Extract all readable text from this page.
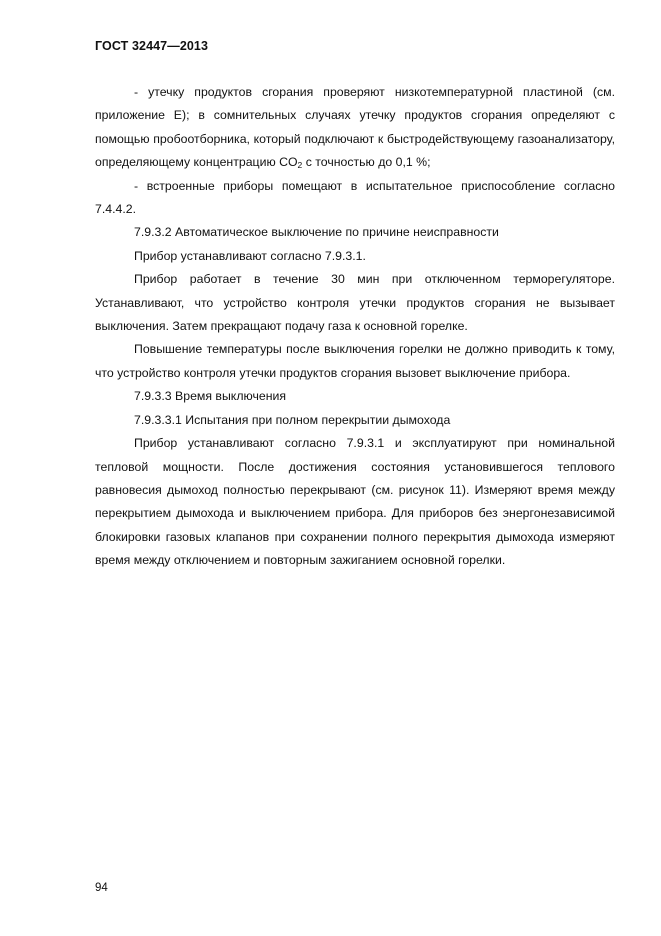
ГОСТ 32447—2013

- утечку продуктов сгорания проверяют низкотемпературной пластиной (см. приложение Е); в сомнительных случаях утечку продуктов сгорания определяют с помощью пробоотборника, который подключают к быстродействующему газоанализатору, определяющему концентрацию $CO_2$ с точностью до 0,1 %;

- встроенные приборы помещают в испытательное приспособление согласно 7.4.4.2.

7.9.3.2 Автоматическое выключение по причине неисправности

Прибор устанавливают согласно 7.9.3.1.

Прибор работает в течение 30 мин при отключенном терморегуляторе. Устанавливают, что устройство контроля утечки продуктов сгорания не вызывает выключения. Затем прекращают подачу газа к основной горелке.

Повышение температуры после выключения горелки не должно приводить к тому, что устройство контроля утечки продуктов сгорания вызовет выключение прибора.

7.9.3.3 Время выключения

7.9.3.3.1 Испытания при полном перекрытии дымохода

Прибор устанавливают согласно 7.9.3.1 и эксплуатируют при номинальной тепловой мощности. После достижения состояния установившегося теплового равновесия дымоход полностью перекрывают (см. рисунок 11). Измеряют время между перекрытием дымохода и выключением прибора. Для приборов без энергонезависимой блокировки газовых клапанов при сохранении полного перекрытия дымохода измеряют время между отключением и повторным зажиганием основной горелки.

94
